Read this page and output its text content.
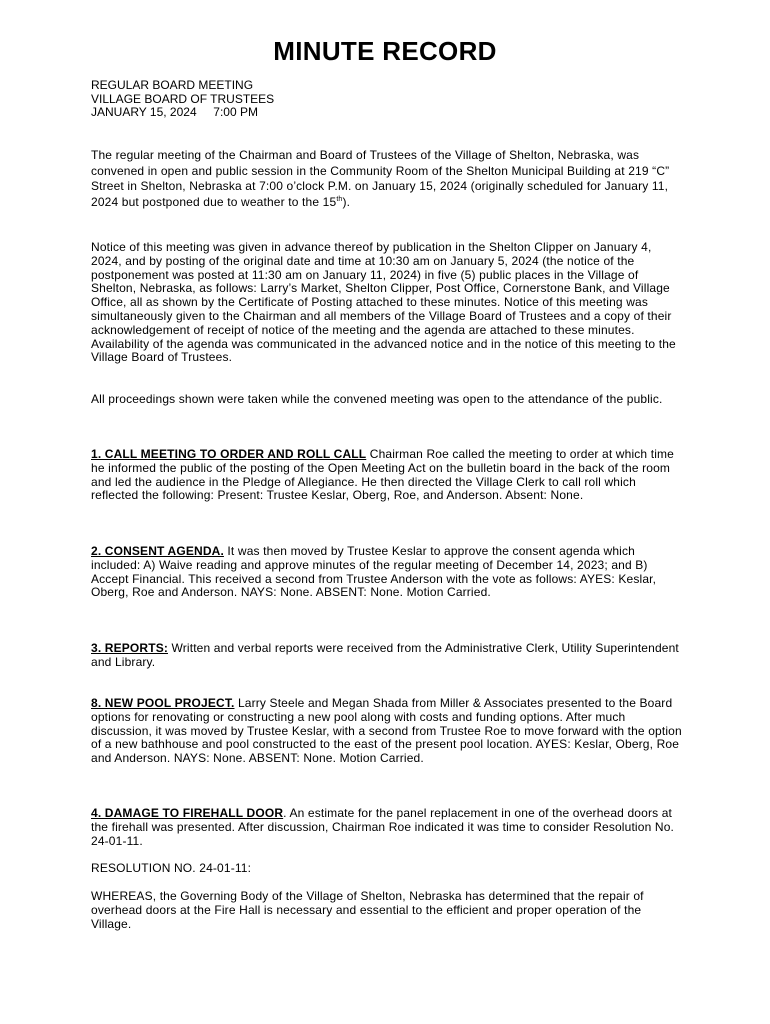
MINUTE RECORD
REGULAR BOARD MEETING
VILLAGE BOARD OF TRUSTEES
JANUARY 15, 2024 7:00 PM

The regular meeting of the Chairman and Board of Trustees of the Village of Shelton, Nebraska, was convened in open and public session in the Community Room of the Shelton Municipal Building at 219 “C” Street in Shelton, Nebraska at 7:00 o’clock P.M. on January 15, 2024 (originally scheduled for January 11, 2024 but postponed due to weather to the 15th).

Notice of this meeting was given in advance thereof by publication in the Shelton Clipper on January 4, 2024, and by posting of the original date and time at 10:30 am on January 5, 2024 (the notice of the postponement was posted at 11:30 am on January 11, 2024) in five (5) public places in the Village of Shelton, Nebraska, as follows: Larry’s Market, Shelton Clipper, Post Office, Cornerstone Bank, and Village Office, all as shown by the Certificate of Posting attached to these minutes. Notice of this meeting was simultaneously given to the Chairman and all members of the Village Board of Trustees and a copy of their acknowledgement of receipt of notice of the meeting and the agenda are attached to these minutes. Availability of the agenda was communicated in the advanced notice and in the notice of this meeting to the Village Board of Trustees.

All proceedings shown were taken while the convened meeting was open to the attendance of the public.

1. CALL MEETING TO ORDER AND ROLL CALL Chairman Roe called the meeting to order at which time he informed the public of the posting of the Open Meeting Act on the bulletin board in the back of the room and led the audience in the Pledge of Allegiance. He then directed the Village Clerk to call roll which reflected the following: Present: Trustee Keslar, Oberg, Roe, and Anderson. Absent: None.

2. CONSENT AGENDA. It was then moved by Trustee Keslar to approve the consent agenda which included: A) Waive reading and approve minutes of the regular meeting of December 14, 2023; and B) Accept Financial. This received a second from Trustee Anderson with the vote as follows: AYES: Keslar, Oberg, Roe and Anderson. NAYS: None. ABSENT: None. Motion Carried.

3. REPORTS: Written and verbal reports were received from the Administrative Clerk, Utility Superintendent and Library.

8. NEW POOL PROJECT. Larry Steele and Megan Shada from Miller & Associates presented to the Board options for renovating or constructing a new pool along with costs and funding options. After much discussion, it was moved by Trustee Keslar, with a second from Trustee Roe to move forward with the option of a new bathhouse and pool constructed to the east of the present pool location. AYES: Keslar, Oberg, Roe and Anderson. NAYS: None. ABSENT: None. Motion Carried.

4. DAMAGE TO FIREHALL DOOR. An estimate for the panel replacement in one of the overhead doors at the firehall was presented. After discussion, Chairman Roe indicated it was time to consider Resolution No. 24-01-11.

RESOLUTION NO. 24-01-11:

WHEREAS, the Governing Body of the Village of Shelton, Nebraska has determined that the repair of overhead doors at the Fire Hall is necessary and essential to the efficient and proper operation of the Village.
